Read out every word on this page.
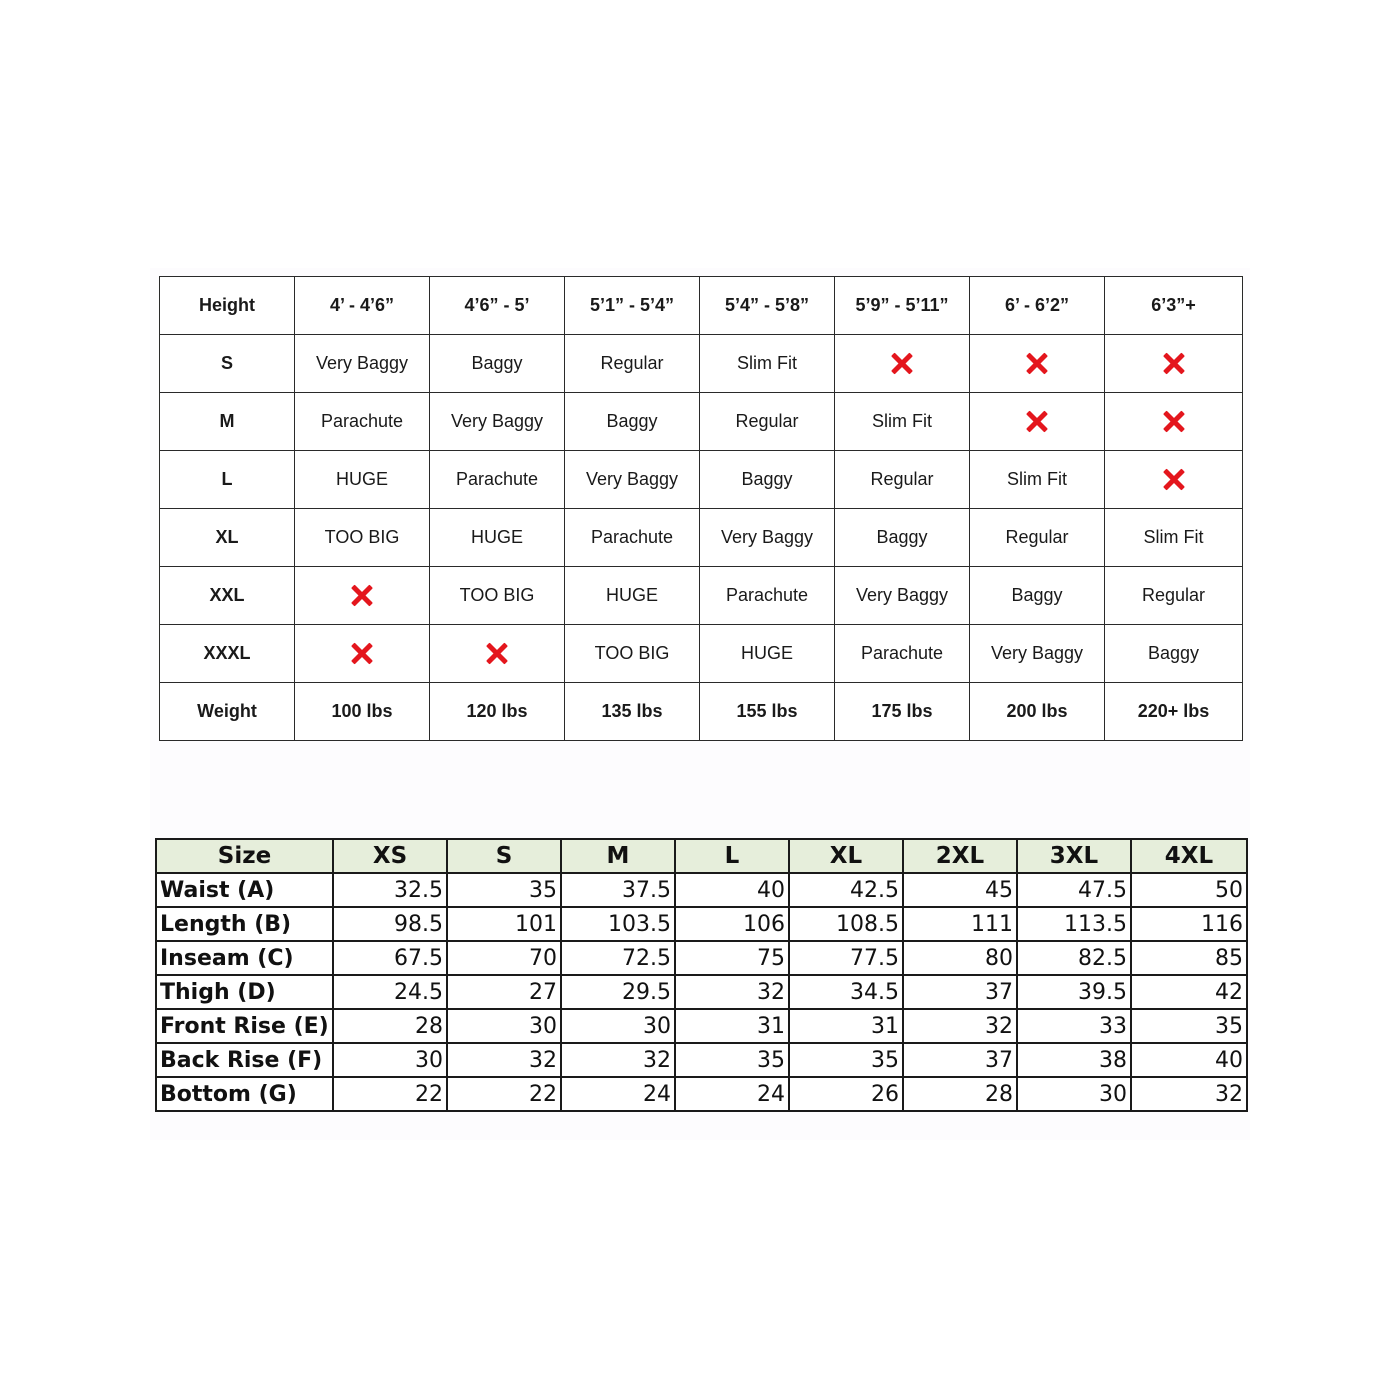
Height	4’ - 4’6”	4’6” - 5’	5’1” - 5’4”	5’4” - 5’8”	5’9” - 5’11”	6’ - 6’2”	6’3”+
S	Very Baggy	Baggy	Regular	Slim Fit			
M	Parachute	Very Baggy	Baggy	Regular	Slim Fit		
L	HUGE	Parachute	Very Baggy	Baggy	Regular	Slim Fit	
XL	TOO BIG	HUGE	Parachute	Very Baggy	Baggy	Regular	Slim Fit
XXL		TOO BIG	HUGE	Parachute	Very Baggy	Baggy	Regular
XXXL			TOO BIG	HUGE	Parachute	Very Baggy	Baggy
Weight	100 lbs	120 lbs	135 lbs	155 lbs	175 lbs	200 lbs	220+ lbs
Size	XS	S	M	L	XL	2XL	3XL	4XL
Waist (A)	32.5	35	37.5	40	42.5	45	47.5	50
Length (B)	98.5	101	103.5	106	108.5	111	113.5	116
Inseam (C)	67.5	70	72.5	75	77.5	80	82.5	85
Thigh (D)	24.5	27	29.5	32	34.5	37	39.5	42
Front Rise (E)	28	30	30	31	31	32	33	35
Back Rise (F)	30	32	32	35	35	37	38	40
Bottom (G)	22	22	24	24	26	28	30	32
